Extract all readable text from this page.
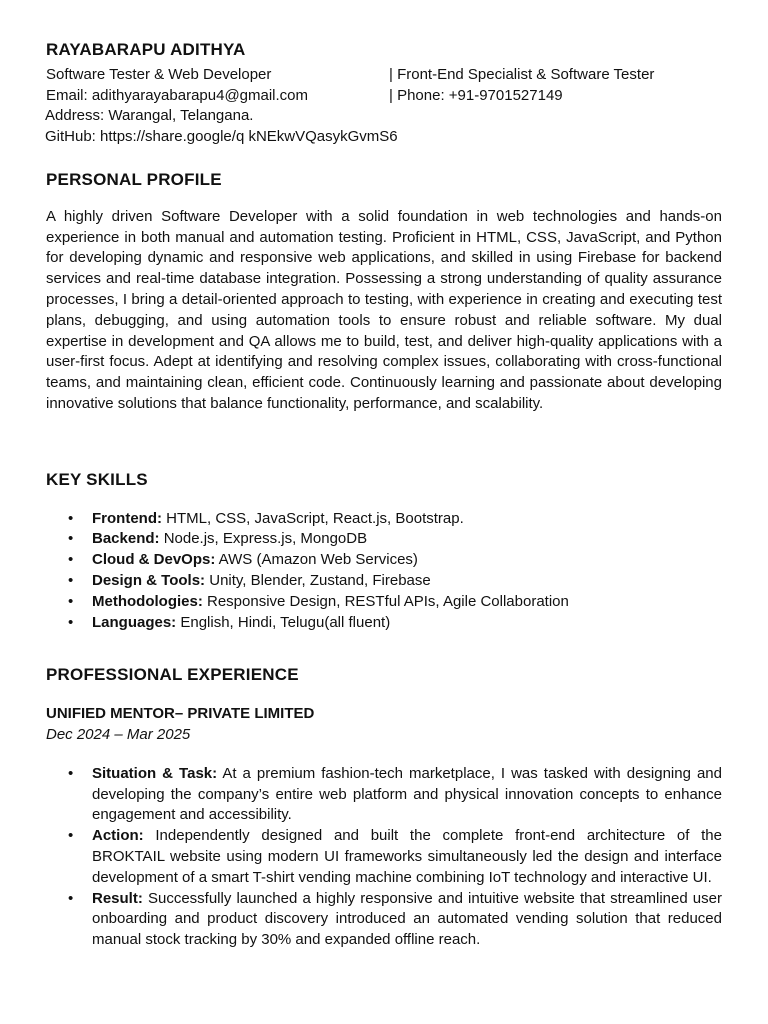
RAYABARAPU ADITHYA
Software Tester & Web Developer	| Front-End Specialist & Software Tester
Email: adithyarayabarapu4@gmail.com	| Phone: +91-9701527149
Address: Warangal, Telangana.
GitHub: https://share.google/q kNEkwVQasykGvmS6
PERSONAL PROFILE
A highly driven Software Developer with a solid foundation in web technologies and hands-on experience in both manual and automation testing. Proficient in HTML, CSS, JavaScript, and Python for developing dynamic and responsive web applications, and skilled in using Firebase for backend services and real-time database integration. Possessing a strong understanding of quality assurance processes, I bring a detail-oriented approach to testing, with experience in creating and executing test plans, debugging, and using automation tools to ensure robust and reliable software. My dual expertise in development and QA allows me to build, test, and deliver high-quality applications with a user-first focus. Adept at identifying and resolving complex issues, collaborating with cross-functional teams, and maintaining clean, efficient code. Continuously learning and passionate about developing innovative solutions that balance functionality, performance, and scalability.
KEY SKILLS
• Frontend: HTML, CSS, JavaScript, React.js, Bootstrap.
• Backend: Node.js, Express.js, MongoDB
• Cloud & DevOps: AWS (Amazon Web Services)
• Design & Tools: Unity, Blender, Zustand, Firebase
• Methodologies: Responsive Design, RESTful APIs, Agile Collaboration
• Languages: English, Hindi, Telugu(all fluent)
PROFESSIONAL EXPERIENCE
UNIFIED MENTOR– PRIVATE LIMITED
Dec 2024 – Mar 2025
• Situation & Task: At a premium fashion-tech marketplace, I was tasked with designing and developing the company’s entire web platform and physical innovation concepts to enhance engagement and accessibility.
• Action: Independently designed and built the complete front-end architecture of the BROKTAIL website using modern UI frameworks simultaneously led the design and interface development of a smart T-shirt vending machine combining IoT technology and interactive UI.
• Result: Successfully launched a highly responsive and intuitive website that streamlined user onboarding and product discovery introduced an automated vending solution that reduced manual stock tracking by 30% and expanded offline reach.
